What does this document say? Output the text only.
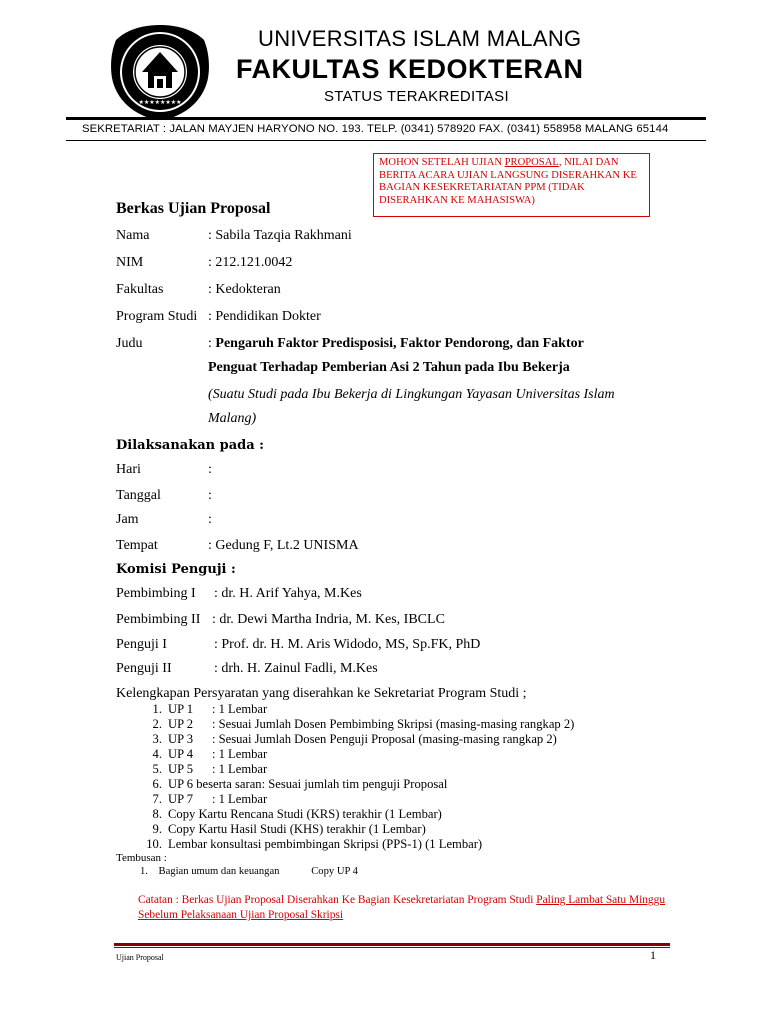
★★★★★★★★
UNIVERSITAS ISLAM MALANG
FAKULTAS KEDOKTERAN
STATUS TERAKREDITASI
SEKRETARIAT : JALAN MAYJEN HARYONO NO. 193. TELP. (0341) 578920 FAX. (0341) 558958 MALANG 65144
MOHON SETELAH UJIAN PROPOSAL, NILAI DAN BERITA ACARA UJIAN LANGSUNG DISERAHKAN KE BAGIAN KESEKRETARIATAN PPM (TIDAK DISERAHKAN KE MAHASISWA)
Berkas Ujian Proposal
Nama	: Sabila Tazqia Rakhmani
NIM	: 212.121.0042
Fakultas	: Kedokteran
Program Studi : Pendidikan Dokter
Judu	: Pengaruh Faktor Predisposisi, Faktor Pendorong, dan Faktor
Penguat Terhadap Pemberian Asi 2 Tahun pada Ibu Bekerja
(Suatu Studi pada Ibu Bekerja di Lingkungan Yayasan Universitas Islam
Malang)
Dilaksanakan pada :
Hari	:
Tanggal	:
Jam	:
Tempat	: Gedung F, Lt.2 UNISMA
Komisi Penguji :
Pembimbing I : dr. H. Arif Yahya, M.Kes
Pembimbing II : dr. Dewi Martha Indria, M. Kes, IBCLC
Penguji I	: Prof. dr. H. M. Aris Widodo, MS, Sp.FK, PhD
Penguji II	: drh. H. Zainul Fadli, M.Kes
Kelengkapan Persyaratan yang diserahkan ke Sekretariat Program Studi ;
1. UP 1      : 1 Lembar
2. UP 2      : Sesuai Jumlah Dosen Pembimbing Skripsi (masing-masing rangkap 2)
3. UP 3      : Sesuai Jumlah Dosen Penguji Proposal (masing-masing rangkap 2)
4. UP 4      : 1 Lembar
5. UP 5      : 1 Lembar
6. UP 6 beserta saran: Sesuai jumlah tim penguji Proposal
7. UP 7      : 1 Lembar
8. Copy Kartu Rencana Studi (KRS) terakhir (1 Lembar)
9. Copy Kartu Hasil Studi (KHS) terakhir (1 Lembar)
10. Lembar konsultasi pembimbingan Skripsi (PPS-1) (1 Lembar)
Tembusan :
1.    Bagian umum dan keuangan            Copy UP 4
Catatan : Berkas Ujian Proposal Diserahkan Ke Bagian Kesekretariatan Program Studi Paling Lambat Satu Minggu Sebelum Pelaksanaan Ujian Proposal Skripsi
Ujian Proposal	1
